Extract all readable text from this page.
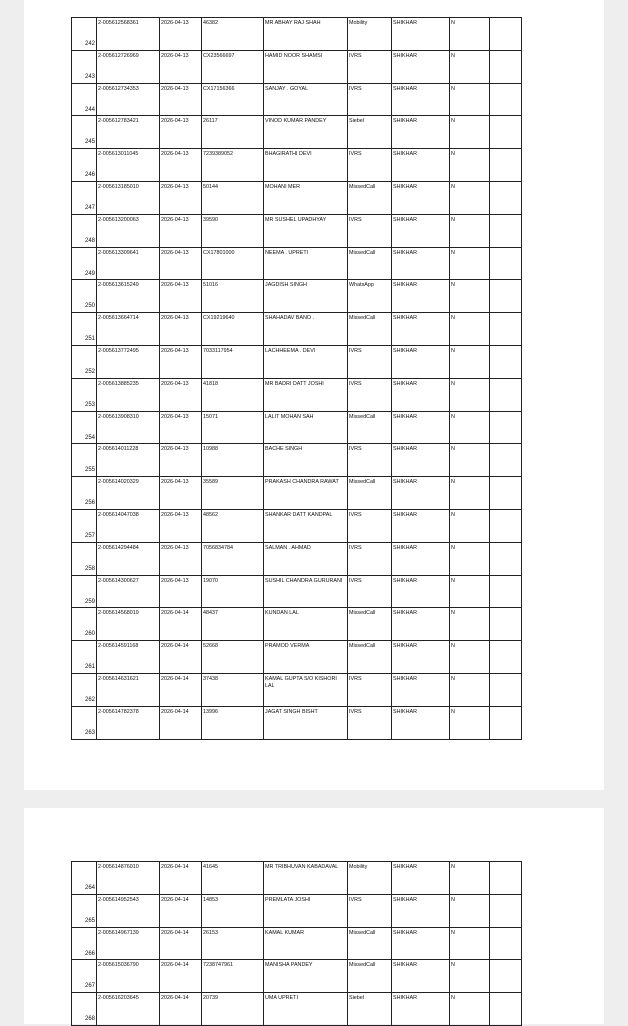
242	2-005612568361	2026-04-13	46382	MR ABHAY RAJ SHAH	Mobility	SHIKHAR	N	

243	2-005612726969	2026-04-13	CX23566697	HAMID NOOR SHAMSI	IVRS	SHIKHAR	N	

244	2-005612734353	2026-04-13	CX17156366	SANJAY . GOYAL	IVRS	SHIKHAR	N	

245	2-005612783421	2026-04-13	26117	VINOD KUMAR PANDEY	Siebel	SHIKHAR	N	

246	2-005613011045	2026-04-13	7239389052	BHAGIRATHI DEVI	IVRS	SHIKHAR	N	

247	2-005613185010	2026-04-13	50144	MOHANI MER	MissedCall	SHIKHAR	N	

248	2-005613200063	2026-04-13	39590	MR SUSHEL UPADHYAY	IVRS	SHIKHAR	N	

249	2-005613309641	2026-04-13	CX17801000	NEEMA . UPRETI	MissedCall	SHIKHAR	N	

250	2-005613615249	2026-04-13	51016	JAGDISH SINGH	WhatsApp	SHIKHAR	N	

251	2-005613664714	2026-04-13	CX19219640	SHAHADAV BANO .	MissedCall	SHIKHAR	N	

252	2-005613772495	2026-04-13	7033117954	LACHHEEMA . DEVI	IVRS	SHIKHAR	N	

253	2-005613885235	2026-04-13	41818	MR BADRI DATT JOSHI	IVRS	SHIKHAR	N	

254	2-005613908310	2026-04-13	15071	LALIT MOHAN SAH	MissedCall	SHIKHAR	N	

255	2-005614011228	2026-04-13	10988	BACHE SINGH	IVRS	SHIKHAR	N	

256	2-005614020329	2026-04-13	35589	PRAKASH CHANDRA RAWAT	MissedCall	SHIKHAR	N	

257	2-005614047038	2026-04-13	48562	SHANKAR DATT KANDPAL	IVRS	SHIKHAR	N	

258	2-005614294484	2026-04-13	7056834784	SALMAN . AHMAD	IVRS	SHIKHAR	N	

259	2-005614300627	2026-04-13	19070	SUSHIL CHANDRA GURURANI	IVRS	SHIKHAR	N	

260	2-005614568019	2026-04-14	48437	KUNDAN LAL	MissedCall	SHIKHAR	N	

261	2-005614591168	2026-04-14	52668	PRAMOD VERMA	MissedCall	SHIKHAR	N	

262	2-005614631621	2026-04-14	37438	KAMAL GUPTA S/O KISHORI LAL	IVRS	SHIKHAR	N	

263	2-005614782378	2026-04-14	13996	JAGAT SINGH BISHT	IVRS	SHIKHAR	N	

264	2-005614876010	2026-04-14	41645	MR TRIBHUVAN KABADAVAL	Mobility	SHIKHAR	N	

265	2-005614952543	2026-04-14	14853	PREMLATA JOSHI	IVRS	SHIKHAR	N	

266	2-005614967139	2026-04-14	26153	KAMAL KUMAR	MissedCall	SHIKHAR	N	

267	2-005615036790	2026-04-14	7238747961	MANISHA PANDEY	MissedCall	SHIKHAR	N	

268	2-005616203645	2026-04-14	20739	UMA UPRETI	Siebel	SHIKHAR	N	
